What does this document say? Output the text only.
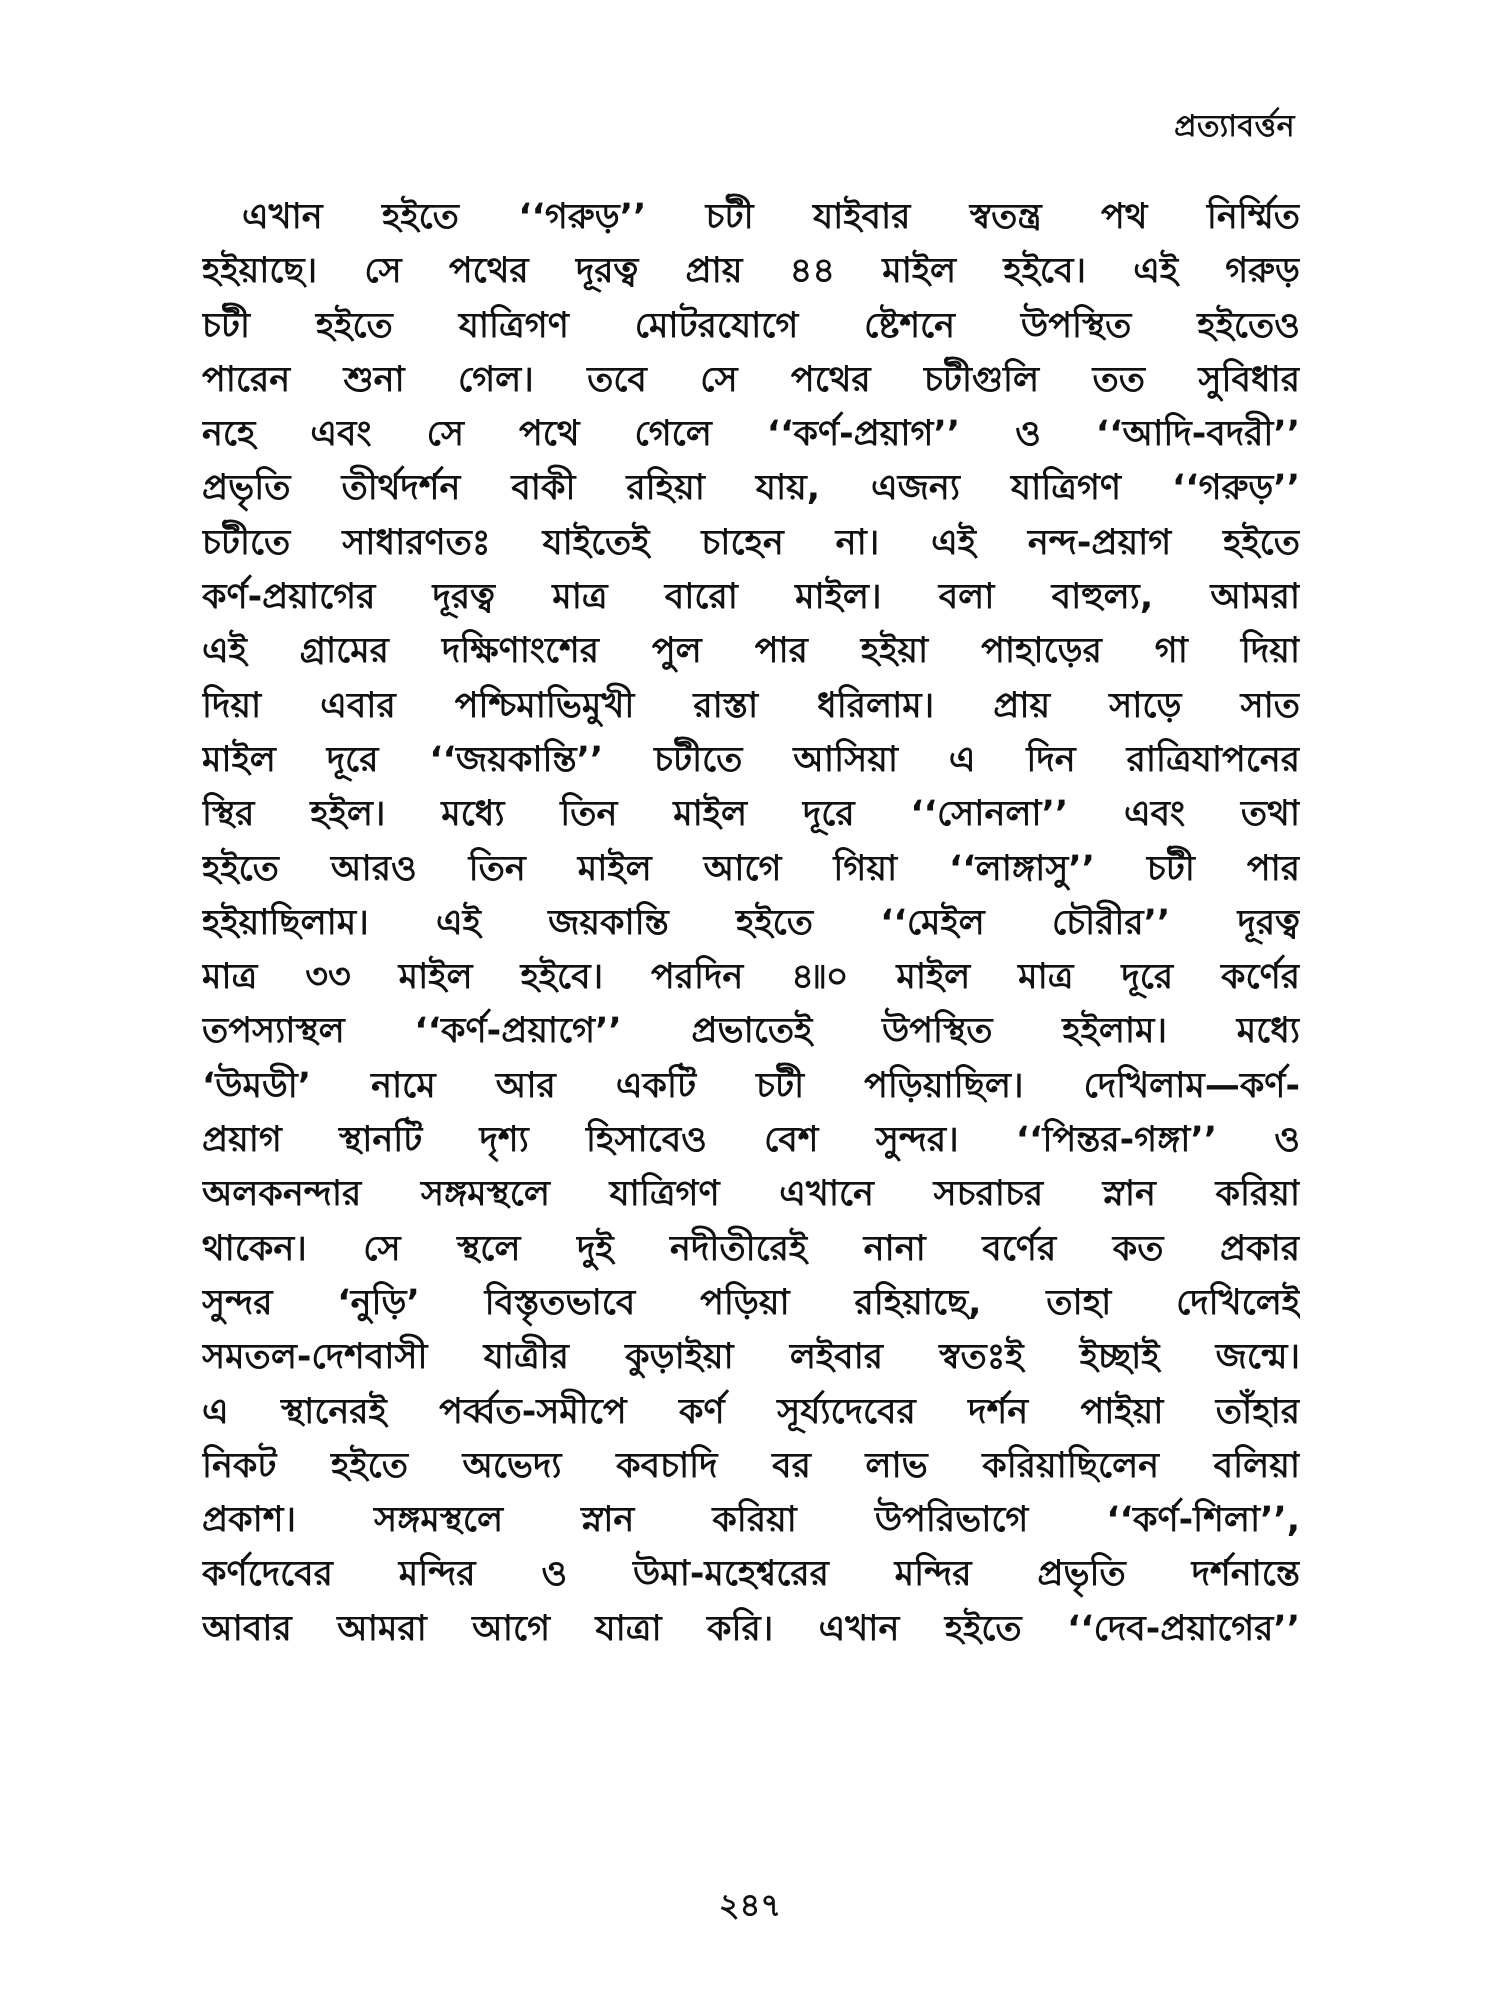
প্রত্যাবর্ত্তন
এখান হইতে ‘‘গরুড়’’ চটী যাইবার স্বতন্ত্র পথ নির্ম্মিত
হইয়াছে। সে পথের দূরত্ব প্রায় ৪৪ মাইল হইবে। এই গরুড়
চটী হইতে যাত্রিগণ মোটরযোগে ষ্টেশনে উপস্থিত হইতেও
পারেন শুনা গেল। তবে সে পথের চটীগুলি তত সুবিধার
নহে এবং সে পথে গেলে ‘‘কর্ণ-প্রয়াগ’’ ও ‘‘আদি-বদরী’’
প্রভৃতি তীর্থদর্শন বাকী রহিয়া যায়, এজন্য যাত্রিগণ ‘‘গরুড়’’
চটীতে সাধারণতঃ যাইতেই চাহেন না। এই নন্দ-প্রয়াগ হইতে
কর্ণ-প্রয়াগের দূরত্ব মাত্র বারো মাইল। বলা বাহুল্য, আমরা
এই গ্রামের দক্ষিণাংশের পুল পার হইয়া পাহাড়ের গা দিয়া
দিয়া এবার পশ্চিমাভিমুখী রাস্তা ধরিলাম। প্রায় সাড়ে সাত
মাইল দূরে ‘‘জয়কান্তি’’ চটীতে আসিয়া এ দিন রাত্রিযাপনের
স্থির হইল। মধ্যে তিন মাইল দূরে ‘‘সোনলা’’ এবং তথা
হইতে আরও তিন মাইল আগে গিয়া ‘‘লাঙ্গাসু’’ চটী পার
হইয়াছিলাম। এই জয়কান্তি হইতে ‘‘মেইল চৌরীর’’ দূরত্ব
মাত্র ৩৩ মাইল হইবে। পরদিন ৪৷৷০ মাইল মাত্র দূরে কর্ণের
তপস্যাস্থল ‘‘কর্ণ-প্রয়াগে’’ প্রভাতেই উপস্থিত হইলাম। মধ্যে
‘উমডী’ নামে আর একটি চটী পড়িয়াছিল। দেখিলাম—কর্ণ-
প্রয়াগ স্থানটি দৃশ্য হিসাবেও বেশ সুন্দর। ‘‘পিন্তর-গঙ্গা’’ ও
অলকনন্দার সঙ্গমস্থলে যাত্রিগণ এখানে সচরাচর স্নান করিয়া
থাকেন। সে স্থলে দুই নদীতীরেই নানা বর্ণের কত প্রকার
সুন্দর ‘নুড়ি’ বিস্তৃতভাবে পড়িয়া রহিয়াছে, তাহা দেখিলেই
সমতল-দেশবাসী যাত্রীর কুড়াইয়া লইবার স্বতঃই ইচ্ছাই জন্মে।
এ স্থানেরই পর্ব্বত-সমীপে কর্ণ সূর্য্যদেবের দর্শন পাইয়া তাঁহার
নিকট হইতে অভেদ্য কবচাদি বর লাভ করিয়াছিলেন বলিয়া
প্রকাশ। সঙ্গমস্থলে স্নান করিয়া উপরিভাগে ‘‘কর্ণ-শিলা’’,
কর্ণদেবের মন্দির ও উমা-মহেশ্বরের মন্দির প্রভৃতি দর্শনান্তে
আবার আমরা আগে যাত্রা করি। এখান হইতে ‘‘দেব-প্রয়াগের’’
২৪৭
